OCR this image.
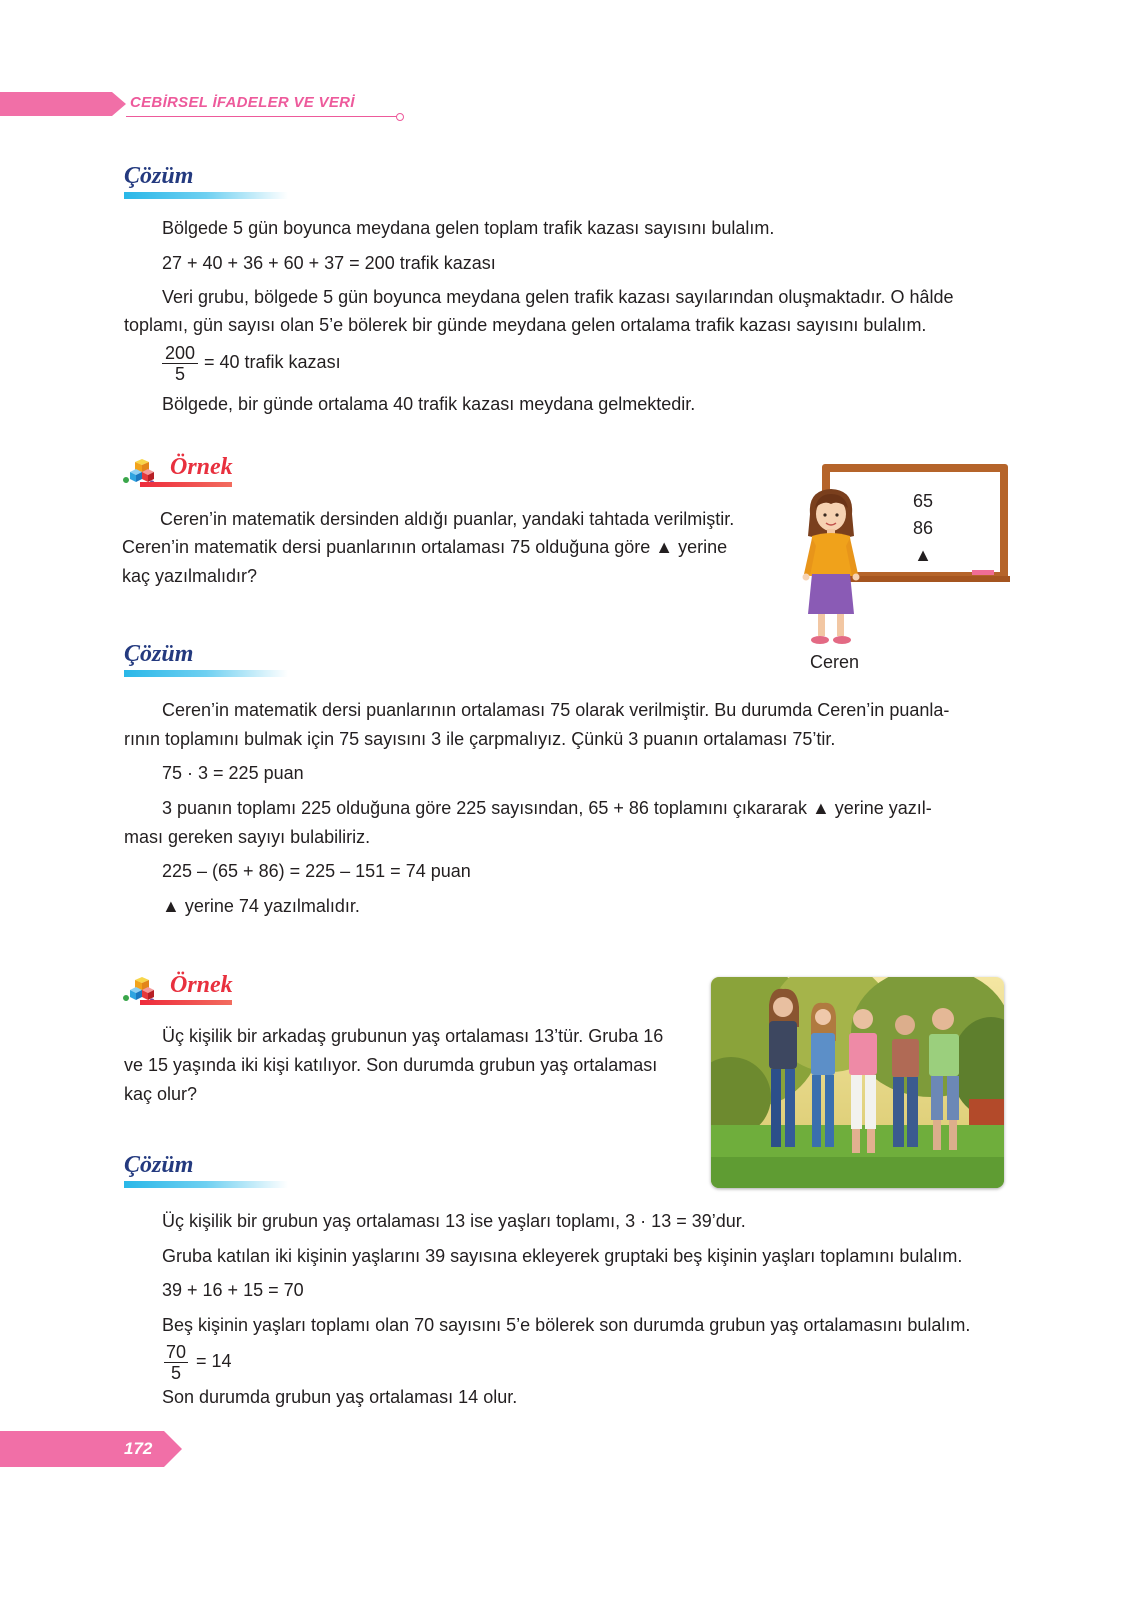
CEBİRSEL İFADELER VE VERİ
Çözüm
Bölgede 5 gün boyunca meydana gelen toplam trafik kazası sayısını bulalım.
27 + 40 + 36 + 60 + 37 = 200 trafik kazası
Veri grubu, bölgede 5 gün boyunca meydana gelen trafik kazası sayılarından oluşmaktadır. O hâlde
toplamı, gün sayısı olan 5’e bölerek bir günde meydana gelen ortalama trafik kazası sayısını bulalım.
$\frac{200}{5} = 40$ trafik kazası
Bölgede, bir günde ortalama 40 trafik kazası meydana gelmektedir.
Örnek
Ceren’in matematik dersinden aldığı puanlar, yandaki tahtada verilmiştir.
Ceren’in matematik dersi puanlarının ortalaması 75 olduğuna göre ▲ yerine
kaç yazılmalıdır?
65
86
▲
Ceren
Çözüm
Ceren’in matematik dersi puanlarının ortalaması 75 olarak verilmiştir. Bu durumda Ceren’in puanla-
rının toplamını bulmak için 75 sayısını 3 ile çarpmalıyız. Çünkü 3 puanın ortalaması 75’tir.
75 · 3 = 225 puan
3 puanın toplamı 225 olduğuna göre 225 sayısından, 65 + 86 toplamını çıkararak ▲ yerine yazıl-
ması gereken sayıyı bulabiliriz.
225 – (65 + 86) = 225 – 151 = 74 puan
▲ yerine 74 yazılmalıdır.
Örnek
Üç kişilik bir arkadaş grubunun yaş ortalaması 13’tür. Gruba 16
ve 15 yaşında iki kişi katılıyor. Son durumda grubun yaş ortalaması
kaç olur?
Çözüm
Üç kişilik bir grubun yaş ortalaması 13 ise yaşları toplamı, 3 · 13 = 39’dur.
Gruba katılan iki kişinin yaşlarını 39 sayısına ekleyerek gruptaki beş kişinin yaşları toplamını bulalım.
39 + 16 + 15 = 70
Beş kişinin yaşları toplamı olan 70 sayısını 5’e bölerek son durumda grubun yaş ortalamasını bulalım.
$\frac{70}{5} = 14$
Son durumda grubun yaş ortalaması 14 olur.
172
